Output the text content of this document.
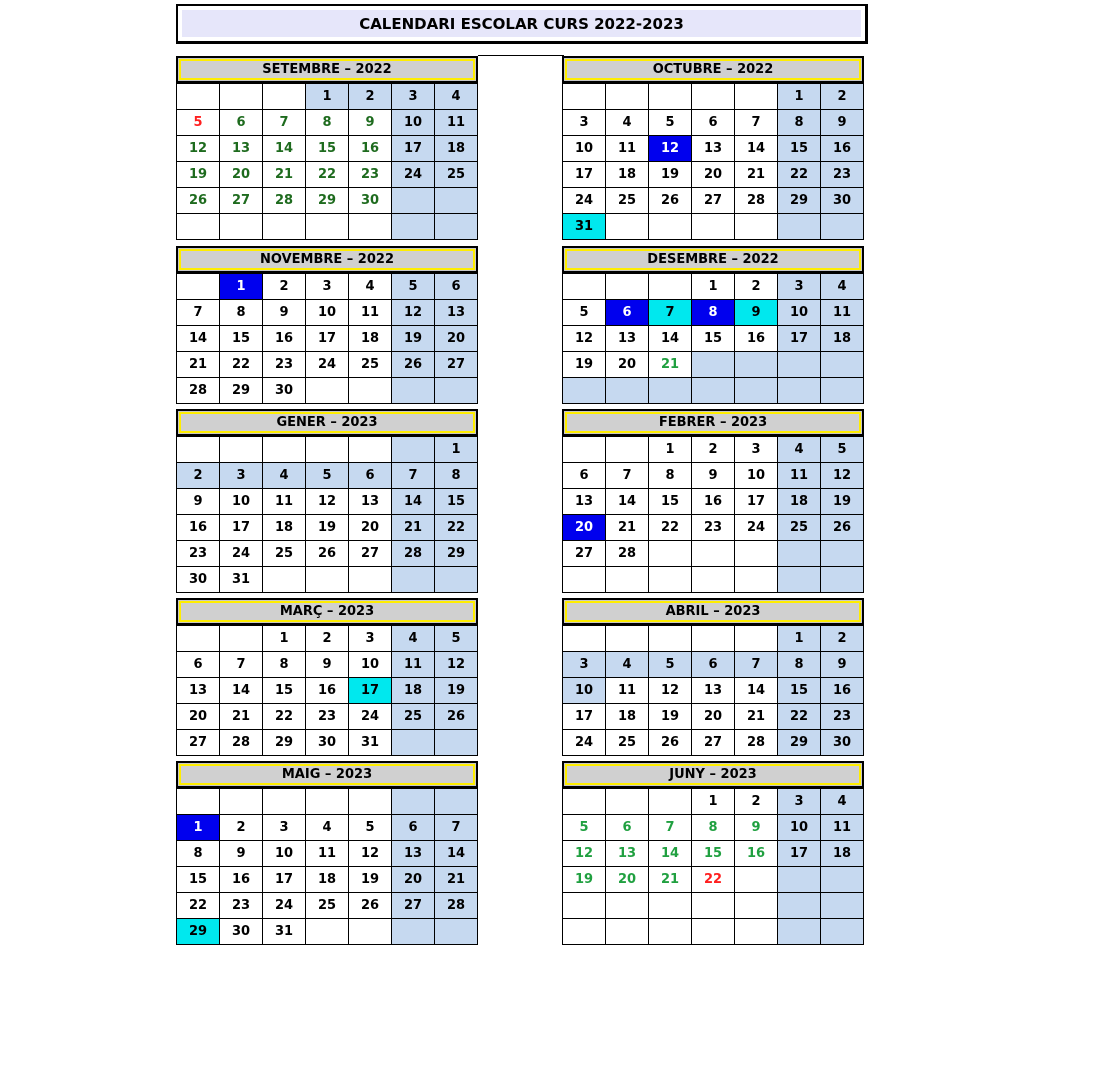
CALENDARI ESCOLAR CURS 2022-2023
SETEMBRE – 2022
			1	2	3	4
5	6	7	8	9	10	11
12	13	14	15	16	17	18
19	20	21	22	23	24	25
26	27	28	29	30		

OCTUBRE – 2022
					1	2
3	4	5	6	7	8	9
10	11	12	13	14	15	16
17	18	19	20	21	22	23
24	25	26	27	28	29	30
31						
NOVEMBRE – 2022
	1	2	3	4	5	6
7	8	9	10	11	12	13
14	15	16	17	18	19	20
21	22	23	24	25	26	27
28	29	30				
DESEMBRE – 2022
			1	2	3	4
5	6	7	8	9	10	11
12	13	14	15	16	17	18
19	20	21				

GENER – 2023
						1
2	3	4	5	6	7	8
9	10	11	12	13	14	15
16	17	18	19	20	21	22
23	24	25	26	27	28	29
30	31					
FEBRER – 2023
		1	2	3	4	5
6	7	8	9	10	11	12
13	14	15	16	17	18	19
20	21	22	23	24	25	26
27	28					

MARÇ – 2023
		1	2	3	4	5
6	7	8	9	10	11	12
13	14	15	16	17	18	19
20	21	22	23	24	25	26
27	28	29	30	31		
ABRIL – 2023
					1	2
3	4	5	6	7	8	9
10	11	12	13	14	15	16
17	18	19	20	21	22	23
24	25	26	27	28	29	30
MAIG – 2023

1	2	3	4	5	6	7
8	9	10	11	12	13	14
15	16	17	18	19	20	21
22	23	24	25	26	27	28
29	30	31				
JUNY – 2023
			1	2	3	4
5	6	7	8	9	10	11
12	13	14	15	16	17	18
19	20	21	22			
